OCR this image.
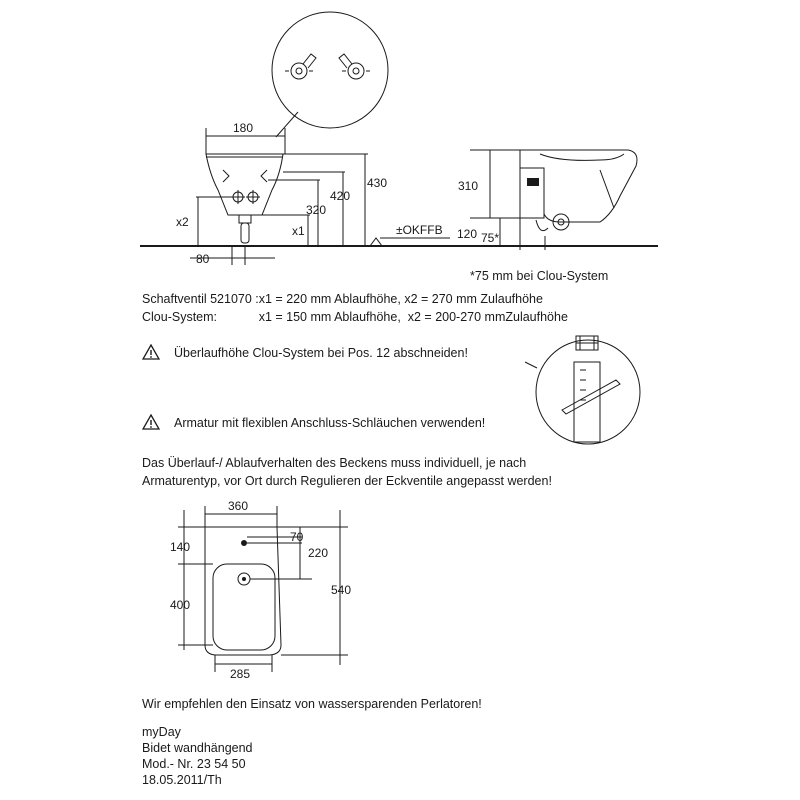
180
430
420
320
x1
x2
80
310
120 75*
±OKFFB
360
285
140
400
70
220
540

*75 mm bei Clou-System

Schaftventil 521070 :x1 = 220 mm Ablaufhöhe, x2 = 270 mm Zulaufhöhe

Clou-System:            x1 = 150 mm Ablaufhöhe,  x2 = 200-270 mmZulaufhöhe

Überlaufhöhe Clou-System bei Pos. 12 abschneiden!

Armatur mit flexiblen Anschluss-Schläuchen verwenden!

Das Überlauf-/ Ablaufverhalten des Beckens muss individuell, je nach

Armaturentyp, vor Ort durch Regulieren der Eckventile angepasst werden!

Wir empfehlen den Einsatz von wassersparenden Perlatoren!

myDay

Bidet wandhängend

Mod.- Nr. 23 54 50

18.05.2011/Th
